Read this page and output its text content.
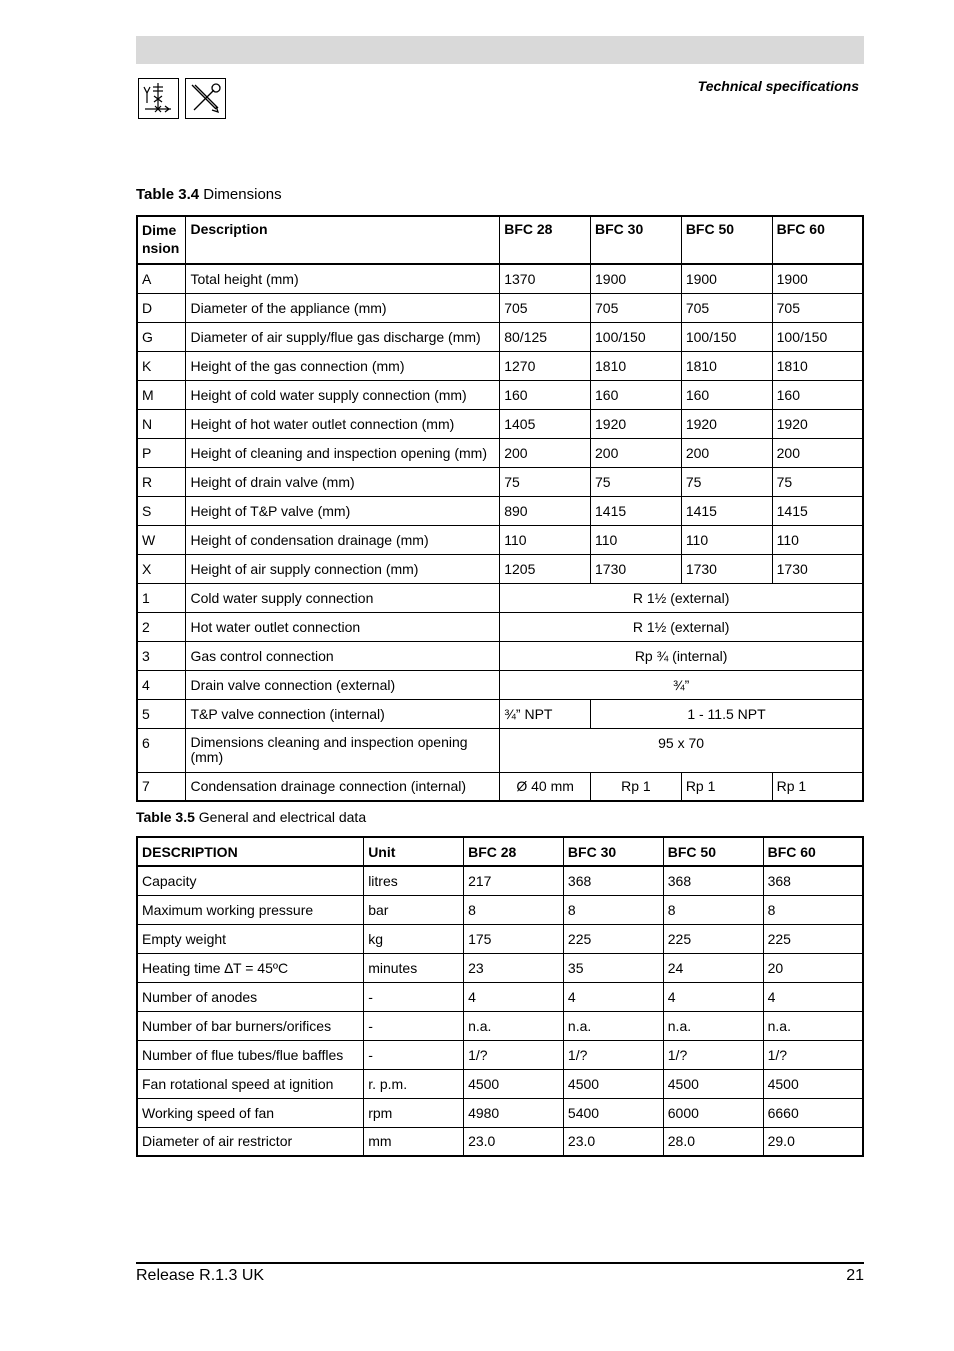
Technical specifications
Table 3.4 Dimensions
Dime nsion	Description	BFC 28	BFC 30	BFC 50	BFC 60
A	Total height (mm)	1370	1900	1900	1900
D	Diameter of the appliance (mm)	705	705	705	705
G	Diameter of air supply/flue gas discharge (mm)	80/125	100/150	100/150	100/150
K	Height of the gas connection (mm)	1270	1810	1810	1810
M	Height of cold water supply connection (mm)	160	160	160	160
N	Height of hot water outlet connection (mm)	1405	1920	1920	1920
P	Height of cleaning and inspection opening (mm)	200	200	200	200
R	Height of drain valve (mm)	75	75	75	75
S	Height of T&P valve (mm)	890	1415	1415	1415
W	Height of condensation drainage (mm)	110	110	110	110
X	Height of air supply connection (mm)	1205	1730	1730	1730
1	Cold water supply connection	R 1½ (external)			
2	Hot water outlet connection	R 1½ (external)			
3	Gas control connection	Rp ¾ (internal)			
4	Drain valve connection (external)	¾”			
5	T&P valve connection (internal)	¾” NPT	1 - 11.5 NPT		
6	Dimensions cleaning and inspection opening (mm)	95 x 70			
7	Condensation drainage connection (internal)	Ø 40 mm	Rp 1	Rp 1	Rp 1
Table 3.5 General and electrical data
DESCRIPTION	Unit	BFC 28	BFC 30	BFC 50	BFC 60
Capacity	litres	217	368	368	368
Maximum working pressure	bar	8	8	8	8
Empty weight	kg	175	225	225	225
Heating time ∆T = 45ºC	minutes	23	35	24	20
Number of anodes	-	4	4	4	4
Number of bar burners/orifices	-	n.a.	n.a.	n.a.	n.a.
Number of flue tubes/flue baffles	-	1/?	1/?	1/?	1/?
Fan rotational speed at ignition	r. p.m.	4500	4500	4500	4500
Working speed of fan	rpm	4980	5400	6000	6660
Diameter of air restrictor	mm	23.0	23.0	28.0	29.0
Release R.1.3 UK	21
